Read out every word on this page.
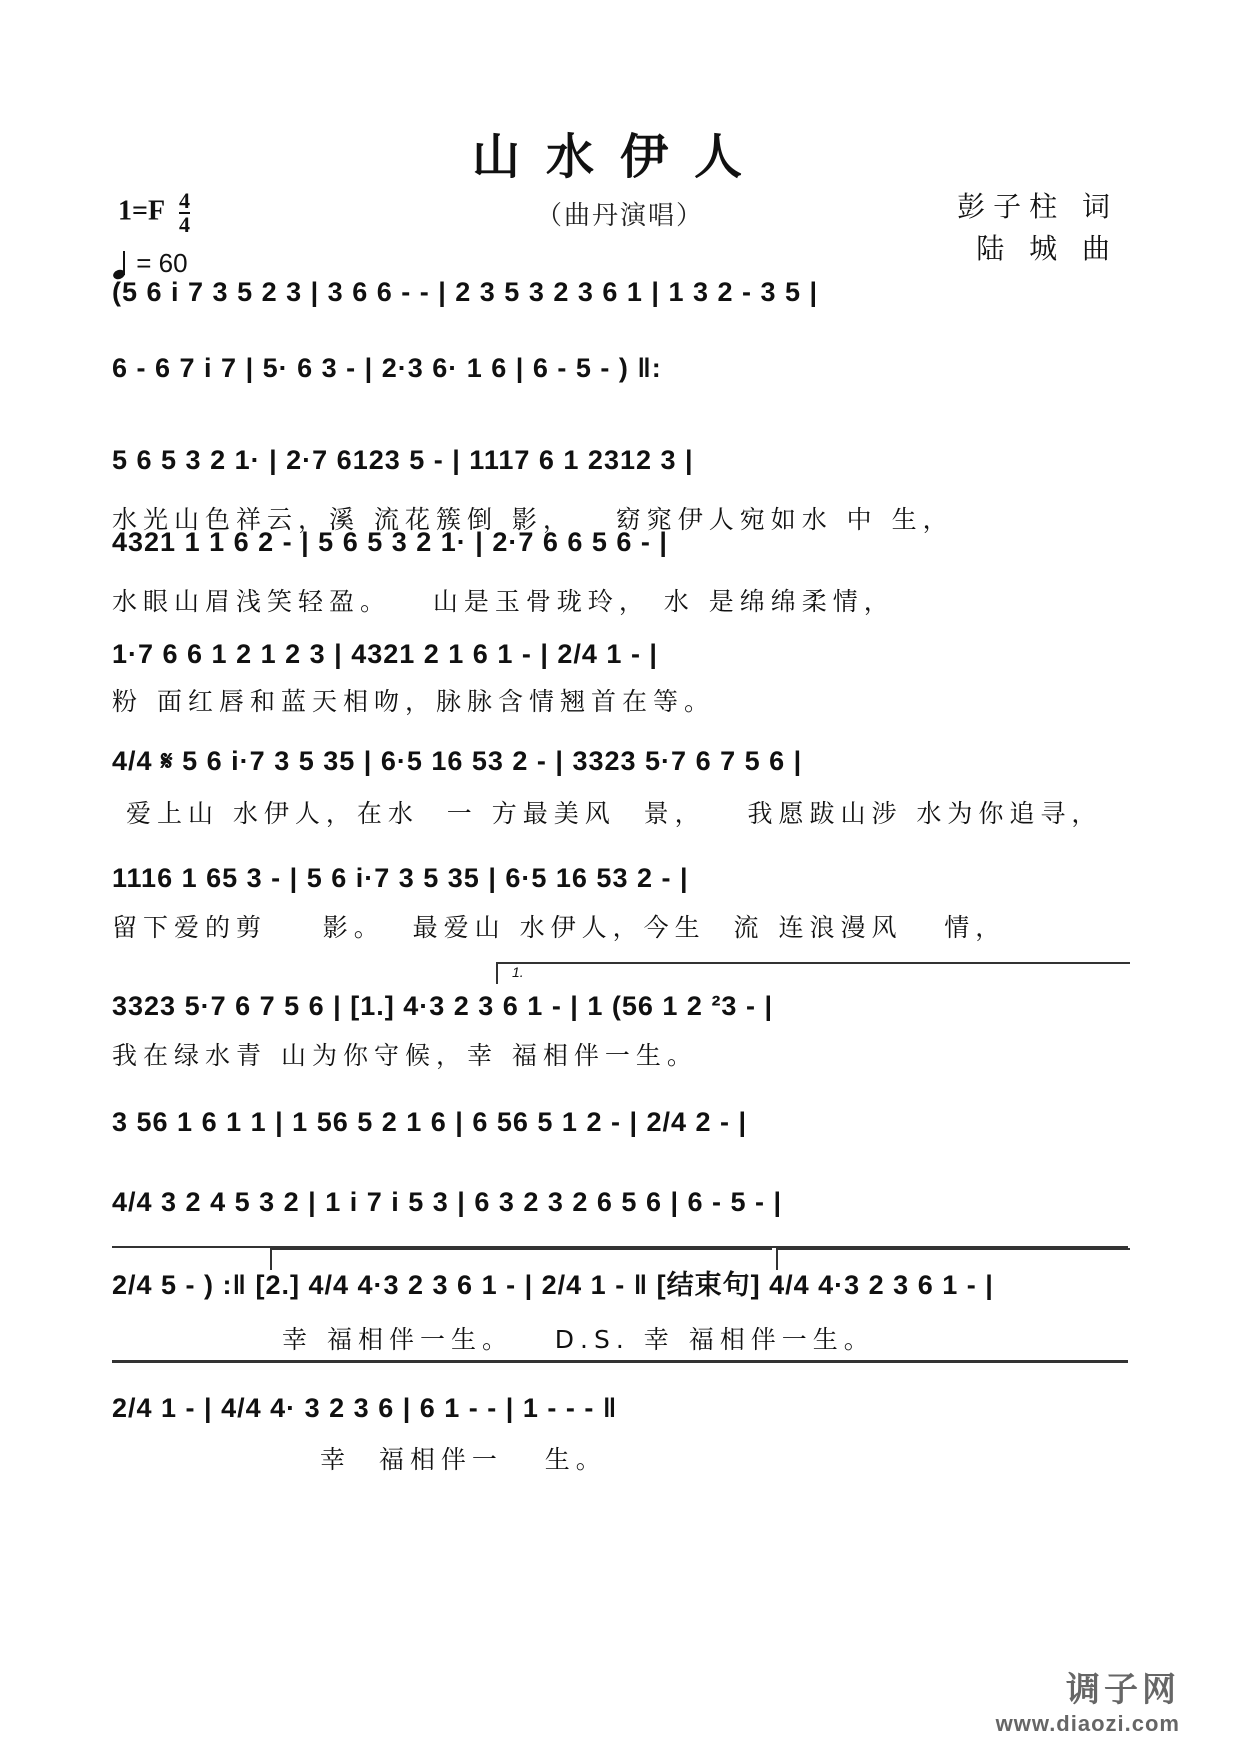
山水伊人
（曲丹演唱）
$1=F \frac{4}{4}$
= 60
彭子柱 词
陆 城 曲
(5 6 i 7 3 5 2 3 | 3 6 6 - - | 2 3 5 3 2 3 6 1 | 1 3 2 - 3 5 |
6 - 6 7 i 7 | 5· 6 3 - | 2·3 6· 1 6 | 6 - 5 - ) ‖:
5 6 5 3 2 1· | 2·7 6123 5 - | 1117 6 1 2312 3 |
水光山色祥云，溪 流花簇倒 影，   窈窕伊人宛如水 中 生，
4321 1 1 6 2 - | 5 6 5 3 2 1· | 2·7 6 6 5 6 - |
水眼山眉浅笑轻盈。   山是玉骨珑玲， 水 是绵绵柔情，
1·7 6 6 1 2 1 2 3 | 4321 2 1 6 1 - | 2/4 1 - |
粉 面红唇和蓝天相吻，脉脉含情翘首在等。
4/4 𝄋 5 6 i·7 3 5 35 | 6·5 16 53 2 - | 3323 5·7 6 7 5 6 |
爱上山 水伊人，在水  一 方最美风  景，   我愿跋山涉 水为你追寻，
1116 1 65 3 - | 5 6 i·7 3 5 35 | 6·5 16 53 2 - |
留下爱的剪    影。  最爱山 水伊人，今生  流 连浪漫风   情，
1.
3323 5·7 6 7 5 6 | [1.] 4·3 2 3 6 1 - | 1 (56 1 2 ²3 - |
我在绿水青 山为你守候，幸 福相伴一生。
3 56 1 6 1 1 | 1 56 5 2 1 6 | 6 56 5 1 2 - | 2/4 2 - |
4/4 3 2 4 5 3 2 | 1 i 7 i 5 3 | 6 3 2 3 2 6 5 6 | 6 - 5 - |
2/4 5 - ) :‖ [2.] 4/4 4·3 2 3 6 1 - | 2/4 1 - ‖ [结束句] 4/4 4·3 2 3 6 1 - |
幸 福相伴一生。   D.S. 幸 福相伴一生。
2/4 1 - | 4/4 4· 3 2 3 6 | 6 1 - - | 1 - - - ‖
幸  福相伴一   生。
调子网
www.diaozi.com
